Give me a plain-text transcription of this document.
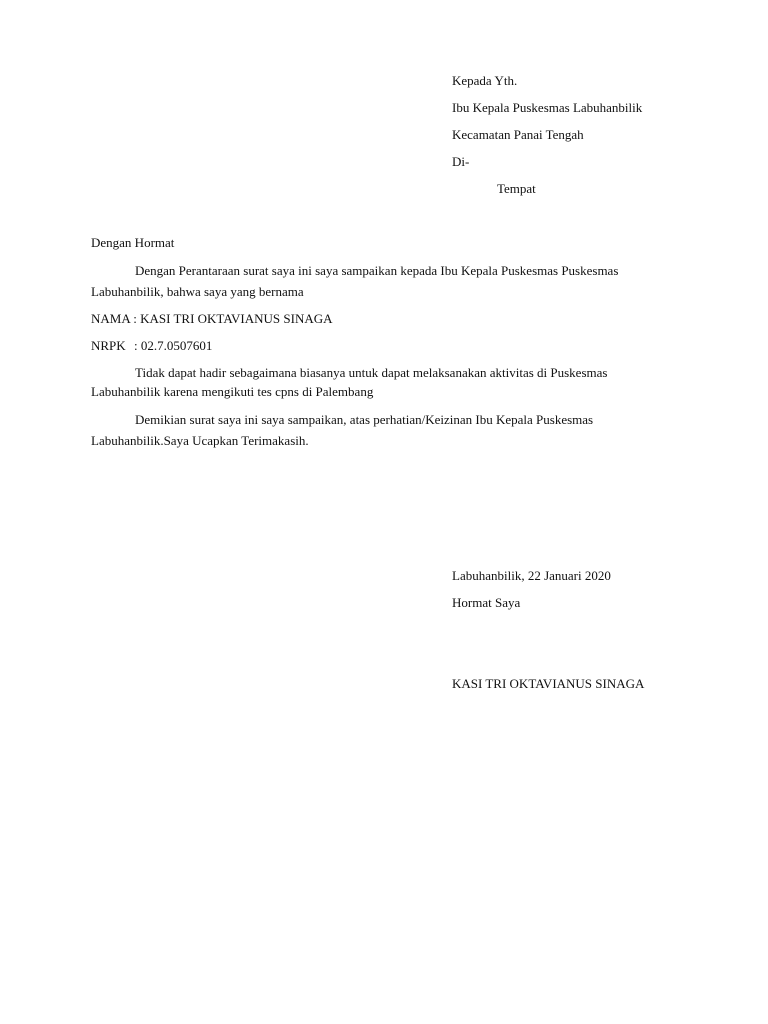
Kepada Yth.
Ibu Kepala Puskesmas Labuhanbilik
Kecamatan Panai Tengah
Di-
Tempat
Dengan Hormat
Dengan Perantaraan surat saya ini saya sampaikan kepada Ibu Kepala Puskesmas Puskesmas
Labuhanbilik, bahwa saya yang bernama
NAMA : KASI TRI OKTAVIANUS SINAGA
NRPK : 02.7.0507601
Tidak dapat hadir sebagaimana biasanya untuk dapat melaksanakan aktivitas di Puskesmas
Labuhanbilik karena mengikuti tes cpns di Palembang
Demikian surat saya ini saya sampaikan, atas perhatian/Keizinan Ibu Kepala Puskesmas
Labuhanbilik.Saya Ucapkan Terimakasih.
Labuhanbilik, 22 Januari 2020
Hormat Saya
KASI TRI OKTAVIANUS SINAGA
